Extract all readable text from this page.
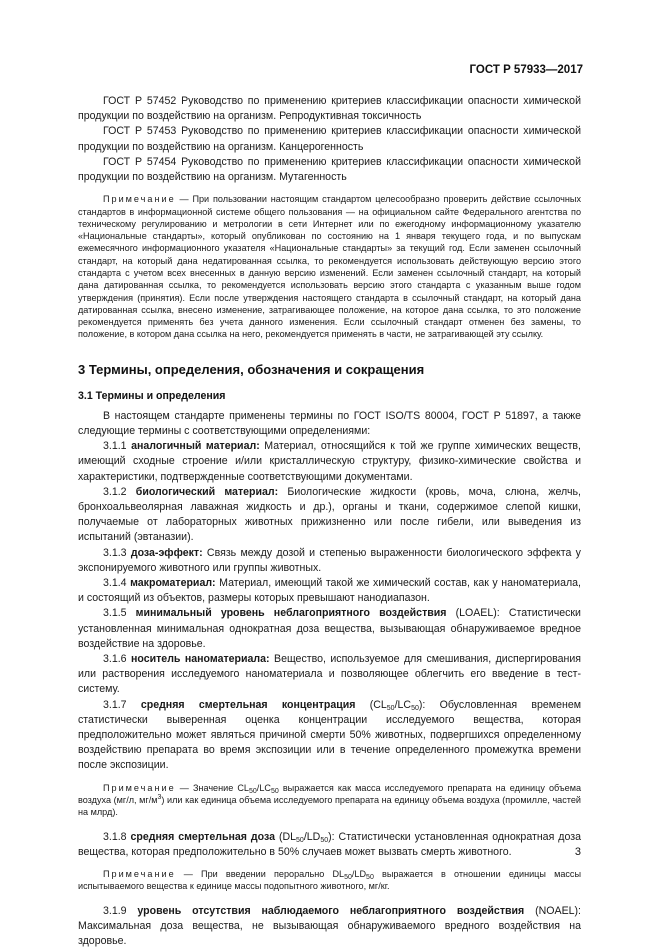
ГОСТ Р 57933—2017

ГОСТ Р 57452 Руководство по применению критериев классификации опасности химической продукции по воздействию на организм. Репродуктивная токсичность

ГОСТ Р 57453 Руководство по применению критериев классификации опасности химической продукции по воздействию на организм. Канцерогенность

ГОСТ Р 57454 Руководство по применению критериев классификации опасности химической продукции по воздействию на организм. Мутагенность

Примечание — При пользовании настоящим стандартом целесообразно проверить действие ссылочных стандартов в информационной системе общего пользования — на официальном сайте Федерального агентства по техническому регулированию и метрологии в сети Интернет или по ежегодному информационному указателю «Национальные стандарты», который опубликован по состоянию на 1 января текущего года, и по выпускам ежемесячного информационного указателя «Национальные стандарты» за текущий год. Если заменен ссылочный стандарт, на который дана недатированная ссылка, то рекомендуется использовать действующую версию этого стандарта с учетом всех внесенных в данную версию изменений. Если заменен ссылочный стандарт, на который дана датированная ссылка, то рекомендуется использовать версию этого стандарта с указанным выше годом утверждения (принятия). Если после утверждения настоящего стандарта в ссылочный стандарт, на который дана датированная ссылка, внесено изменение, затрагивающее положение, на которое дана ссылка, то это положение рекомендуется применять без учета данного изменения. Если ссылочный стандарт отменен без замены, то положение, в котором дана ссылка на него, рекомендуется применять в части, не затрагивающей эту ссылку.

3 Термины, определения, обозначения и сокращения
3.1 Термины и определения

В настоящем стандарте применены термины по ГОСТ ISO/TS 80004, ГОСТ Р 51897, а также следующие термины с соответствующими определениями:

3.1.1 аналогичный материал: Материал, относящийся к той же группе химических веществ, имеющий сходные строение и/или кристаллическую структуру, физико-химические свойства и характеристики, подтвержденные соответствующими документами.

3.1.2 биологический материал: Биологические жидкости (кровь, моча, слюна, желчь, бронхоальвеолярная лаважная жидкость и др.), органы и ткани, содержимое слепой кишки, получаемые от лабораторных животных прижизненно или после гибели, или выведения из испытаний (эвтаназии).

3.1.3 доза-эффект: Связь между дозой и степенью выраженности биологического эффекта у экспонируемого животного или группы животных.

3.1.4 макроматериал: Материал, имеющий такой же химический состав, как у наноматериала, и состоящий из объектов, размеры которых превышают нанодиапазон.

3.1.5 минимальный уровень неблагоприятного воздействия (LOAEL): Статистически установленная минимальная однократная доза вещества, вызывающая обнаруживаемое вредное воздействие на здоровье.

3.1.6 носитель наноматериала: Вещество, используемое для смешивания, диспергирования или растворения исследуемого наноматериала и позволяющее облегчить его введение в тест-систему.

3.1.7 средняя смертельная концентрация $(CL_{50}/LC_{50})$: Обусловленная временем статистически выверенная оценка концентрации исследуемого вещества, которая предположительно может являться причиной смерти 50% животных, подвергшихся определенному воздействию препарата во время экспозиции или в течение определенного промежутка времени после экспозиции.

Примечание — Значение $CL_{50}/LC_{50}$ выражается как масса исследуемого препарата на единицу объема воздуха (мг/л, $мг/м^3$) или как единица объема исследуемого препарата на единицу объема воздуха (промилле, частей на млрд).

3.1.8 средняя смертельная доза $(DL_{50}/LD_{50})$: Статистически установленная однократная доза вещества, которая предположительно в 50% случаев может вызвать смерть животного.

Примечание — При введении перорально $DL_{50}/LD_{50}$ выражается в отношении единицы массы испытываемого вещества к единице массы подопытного животного, мг/кг.

3.1.9 уровень отсутствия наблюдаемого неблагоприятного воздействия (NOAEL): Максимальная доза вещества, не вызывающая обнаруживаемого вредного воздействия на здоровье.

3
